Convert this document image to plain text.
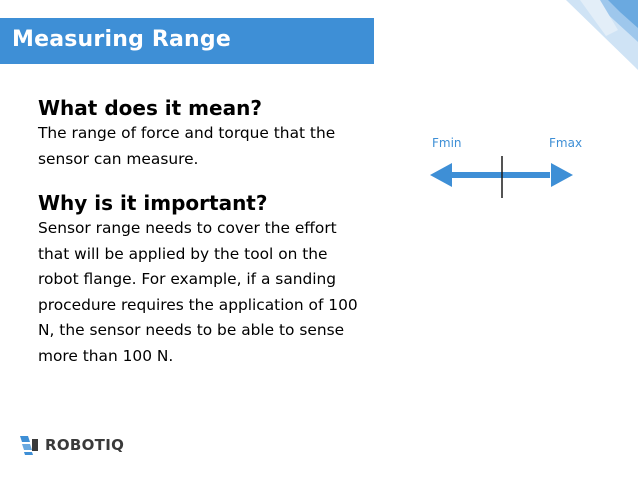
Measuring Range
What does it mean?
The range of force and torque that the
sensor can measure.
Why is it important?
Sensor range needs to cover the effort
that will be applied by the tool on the
robot flange. For example, if a sanding
procedure requires the application of 100
N, the sensor needs to be able to sense
more than 100 N.
Fmin	Fmax
ROBOTIQ
